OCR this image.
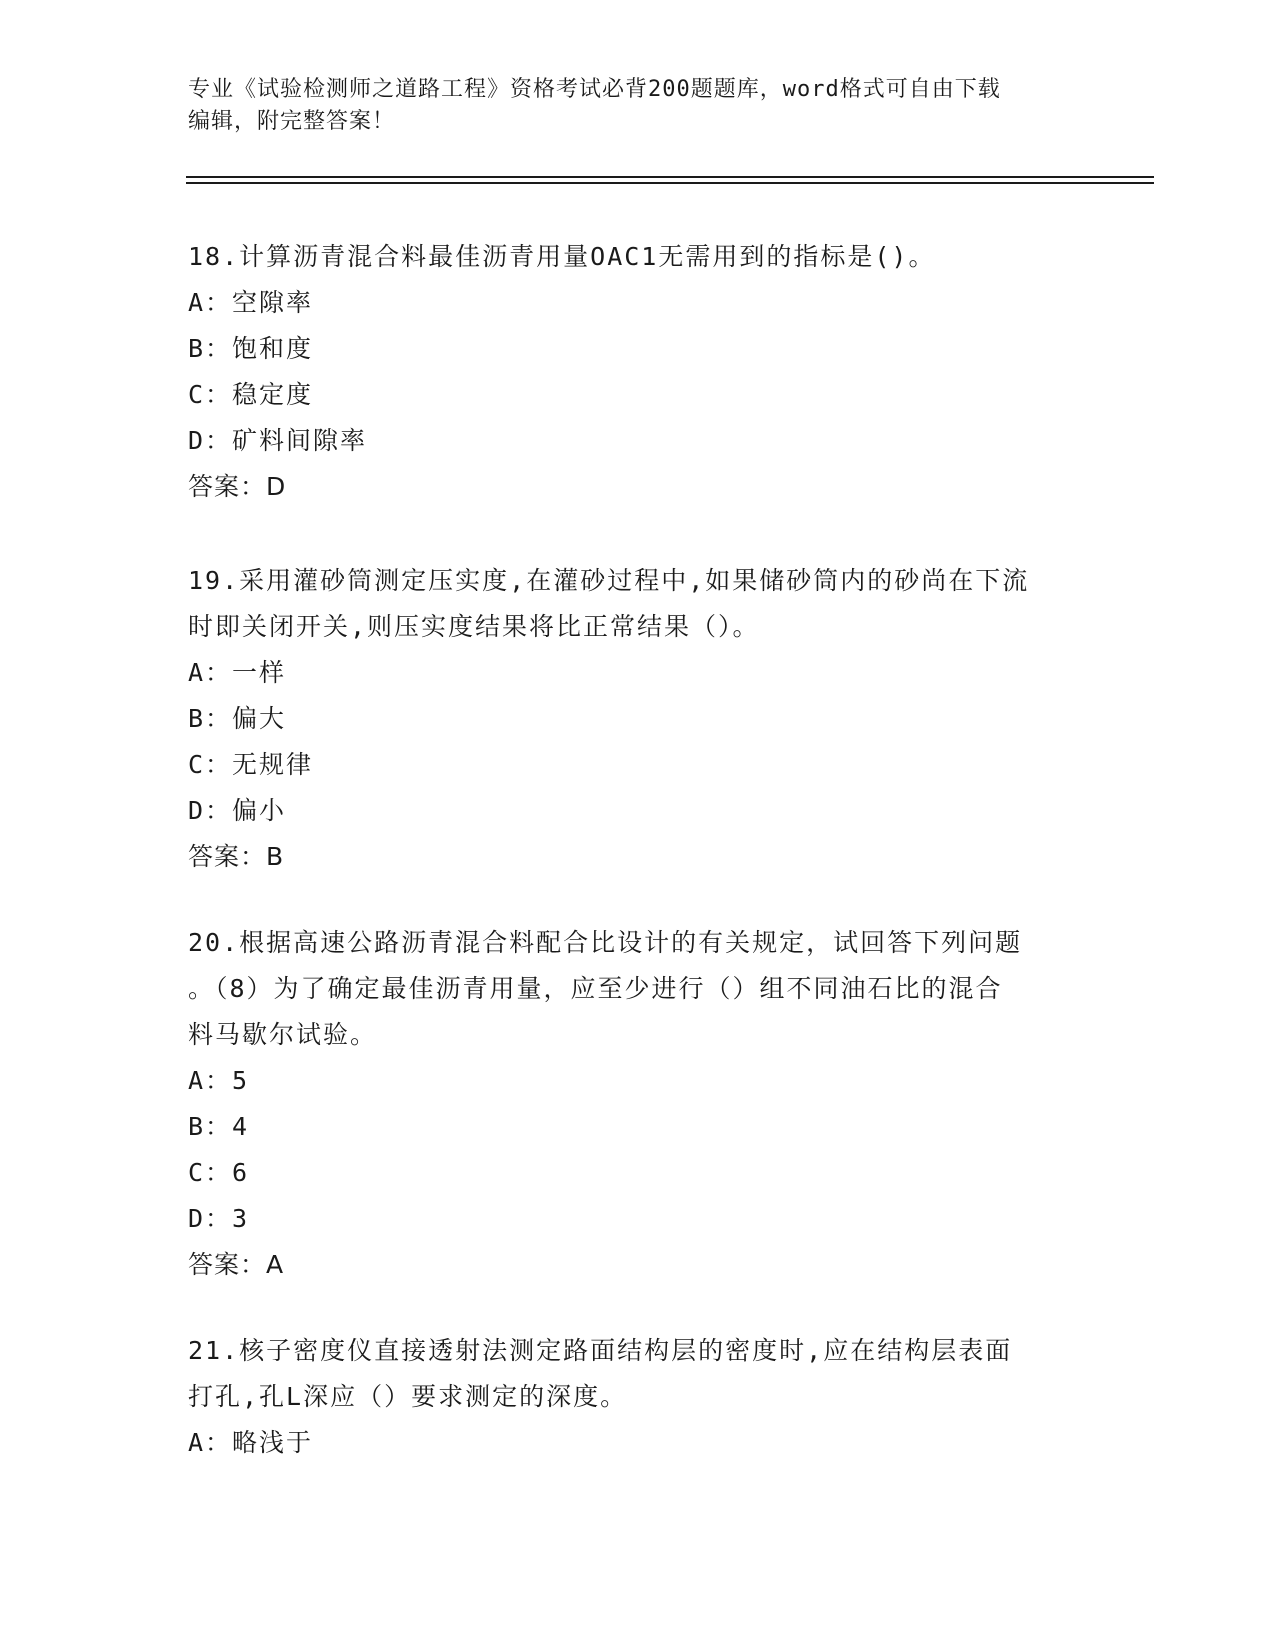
专业《试验检测师之道路工程》资格考试必背200题题库，word格式可自由下载
编辑，附完整答案！
18.计算沥青混合料最佳沥青用量OAC1无需用到的指标是()。
A：空隙率
B：饱和度
C：稳定度
D：矿料间隙率
答案：D
19.采用灌砂筒测定压实度,在灌砂过程中,如果储砂筒内的砂尚在下流
时即关闭开关,则压实度结果将比正常结果（）。
A：一样
B：偏大
C：无规律
D：偏小
答案：B
20.根据高速公路沥青混合料配合比设计的有关规定，试回答下列问题
。（8）为了确定最佳沥青用量，应至少进行（）组不同油石比的混合
料马歇尔试验。
A：5
B：4
C：6
D：3
答案：A
21.核子密度仪直接透射法测定路面结构层的密度时,应在结构层表面
打孔,孔L深应（）要求测定的深度。
A：略浅于
